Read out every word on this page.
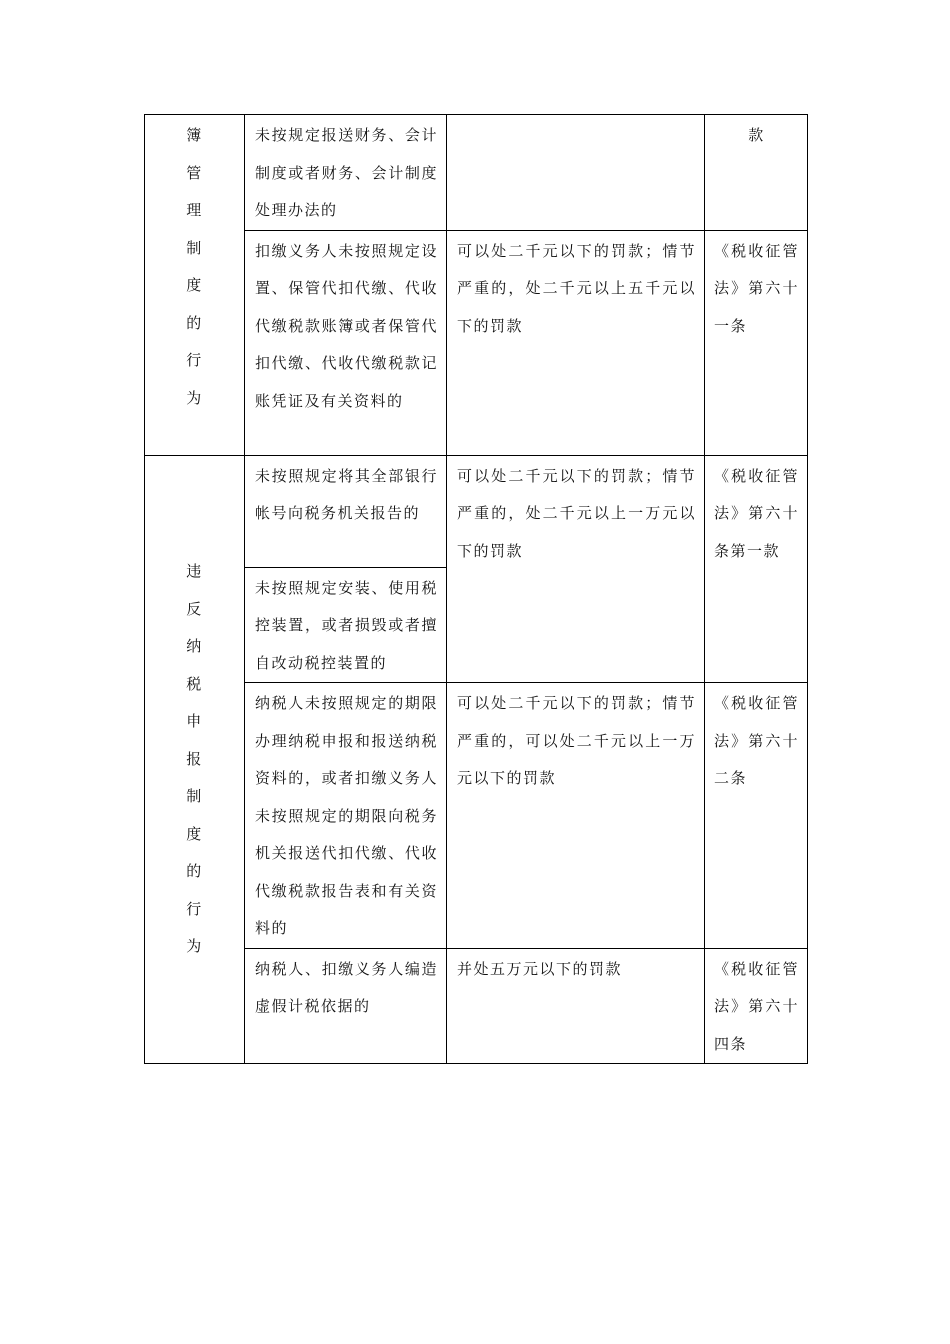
簿管理制度的行为	未按规定报送财务、会计制度或者财务、会计制度处理办法的		款

	扣缴义务人未按照规定设置、保管代扣代缴、代收代缴税款账簿或者保管代扣代缴、代收代缴税款记账凭证及有关资料的	可以处二千元以下的罚款；情节严重的，处二千元以上五千元以下的罚款	《税收征管法》第六十一条

违反纳税申报制度的行为	未按照规定将其全部银行帐号向税务机关报告的	可以处二千元以下的罚款；情节严重的，处二千元以上一万元以下的罚款	《税收征管法》第六十条第一款

	未按照规定安装、使用税控装置，或者损毁或者擅自改动税控装置的		

	纳税人未按照规定的期限办理纳税申报和报送纳税资料的，或者扣缴义务人未按照规定的期限向税务机关报送代扣代缴、代收代缴税款报告表和有关资料的	可以处二千元以下的罚款；情节严重的，可以处二千元以上一万元以下的罚款	《税收征管法》第六十二条

	纳税人、扣缴义务人编造虚假计税依据的	并处五万元以下的罚款	《税收征管法》第六十四条
